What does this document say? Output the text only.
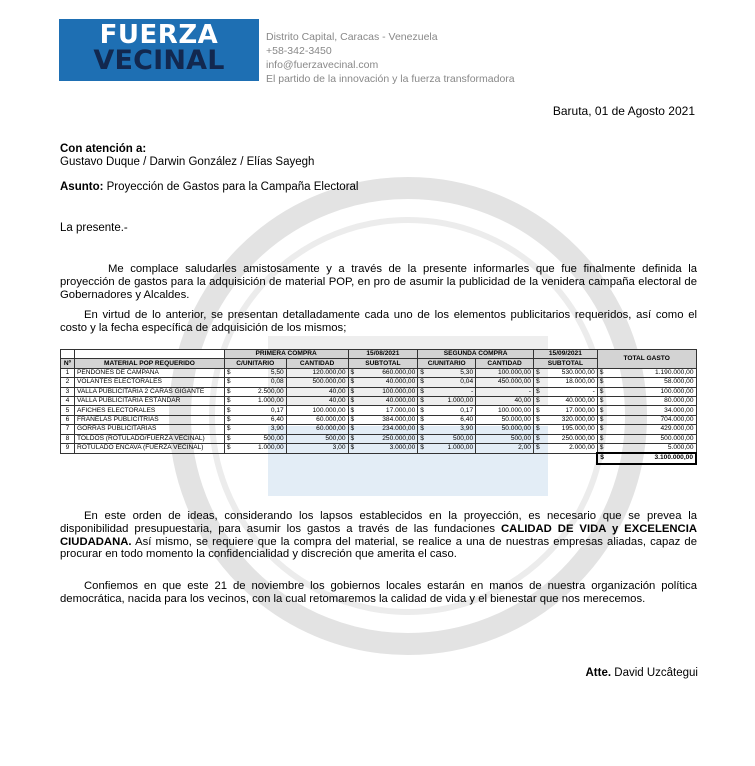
FUERZA
VECINAL
Distrito Capital, Caracas - Venezuela
+58-342-3450
info@fuerzavecinal.com
El partido de la innovación y la fuerza transformadora
Baruta, 01 de Agosto 2021
Con atención a:
Gustavo Duque / Darwin González / Elías Sayegh
Asunto: Proyección de Gastos para la Campaña Electoral
La presente.-
Me complace saludarles amistosamente y a través de la presente informarles que fue finalmente definida la proyección de gastos para la adquisición de material POP, en pro de asumir la publicidad de la venidera campaña electoral de Gobernadores y Alcaldes.
En virtud de lo anterior, se presentan detalladamente cada uno de los elementos publicitarios requeridos, así como el costo y la fecha específica de adquisición de los mismos;
		PRIMERA COMPRA		15/08/2021	SEGUNDA COMPRA		15/09/2021	TOTAL GASTO
Nº	MATERIAL POP REQUERIDO	C/UNITARIO	CANTIDAD	SUBTOTAL	C/UNITARIO	CANTIDAD	SUBTOTAL	
1	PENDONES DE CAMPAÑA	$ 5,50	120.000,00	$ 660.000,00	$ 5,30	100.000,00	$ 530.000,00	$ 1.190.000,00
2	VOLANTES ELECTORALES	$ 0,08	500.000,00	$ 40.000,00	$ 0,04	450.000,00	$ 18.000,00	$ 58.000,00
3	VALLA PUBLICITARIA 2 CARAS GIGANTE	$ 2.500,00	40,00	$ 100.000,00	$ -	-	$ -	$ 100.000,00
4	VALLA PUBLICITARIA ESTÁNDAR	$ 1.000,00	40,00	$ 40.000,00	$ 1.000,00	40,00	$ 40.000,00	$ 80.000,00
5	AFICHES ELECTORALES	$ 0,17	100.000,00	$ 17.000,00	$ 0,17	100.000,00	$ 17.000,00	$ 34.000,00
6	FRANELAS PUBLICITRIAS	$ 6,40	60.000,00	$ 384.000,00	$ 6,40	50.000,00	$ 320.000,00	$ 704.000,00
7	GORRAS PUBLICITARIAS	$ 3,90	60.000,00	$ 234.000,00	$ 3,90	50.000,00	$ 195.000,00	$ 429.000,00
8	TOLDOS (ROTULADO/FUERZA VECINAL)	$ 500,00	500,00	$ 250.000,00	$ 500,00	500,00	$ 250.000,00	$ 500.000,00
9	ROTULADO ENCAVA (FUERZA VECINAL)	$ 1.000,00	3,00	$ 3.000,00	$ 1.000,00	2,00	$ 2.000,00	$ 5.000,00

								$ 3.100.000,00
En este orden de ideas, considerando los lapsos establecidos en la proyección, es necesario que se prevea la disponibilidad presupuestaria, para asumir los gastos a través de las fundaciones CALIDAD DE VIDA y EXCELENCIA CIUDADANA. Así mismo, se requiere que la compra del material, se realice a una de nuestras empresas aliadas, capaz de procurar en todo momento la confidencialidad y discreción que amerita el caso.
Confiemos en que este 21 de noviembre los gobiernos locales estarán en manos de nuestra organización política democrática, nacida para los vecinos, con la cual retomaremos la calidad de vida y el bienestar que nos merecemos.
Atte. David Uzcâtegui
